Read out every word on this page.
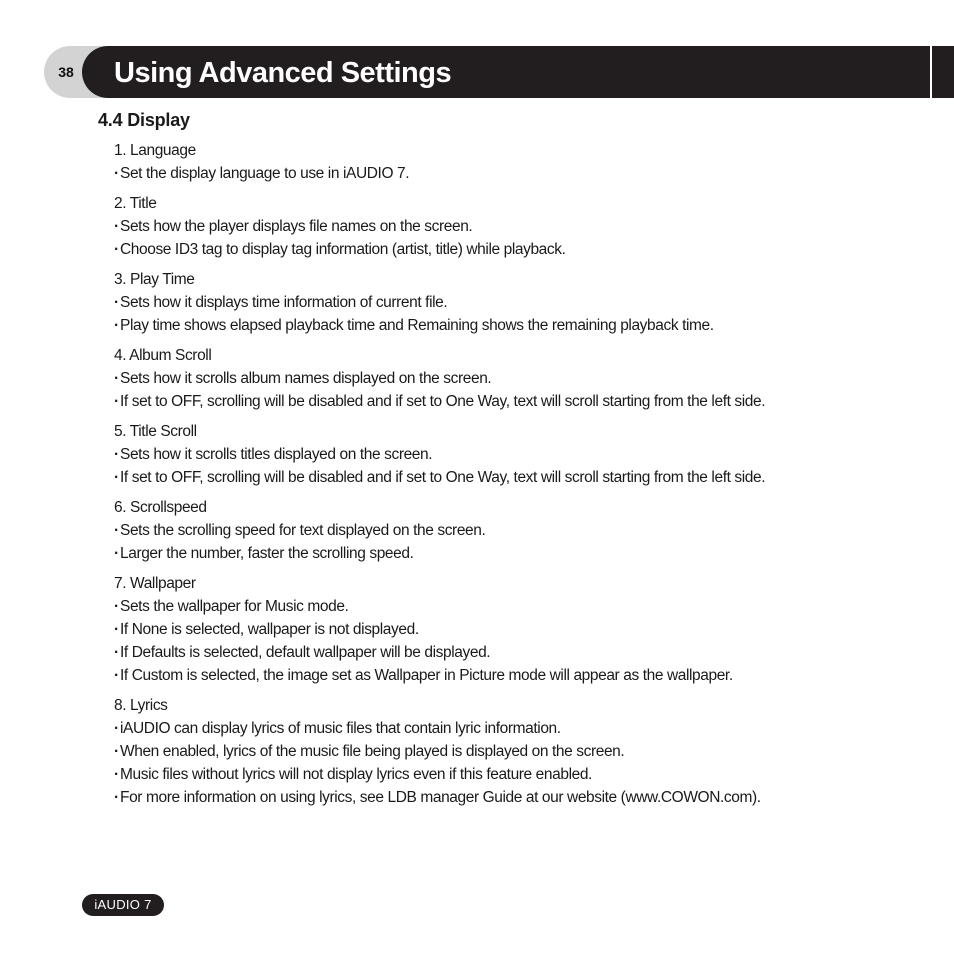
38	Using Advanced Settings
4.4 Display
1. Language
·Set the display language to use in iAUDIO 7.
2. Title
·Sets how the player displays file names on the screen.
·Choose ID3 tag to display tag information (artist, title) while playback.
3. Play Time
·Sets how it displays time information of current file.
·Play time shows elapsed playback time and Remaining shows the remaining playback time.
4. Album Scroll
·Sets how it scrolls album names displayed on the screen.
·If set to OFF, scrolling will be disabled and if set to One Way, text will scroll starting from the left side.
5. Title Scroll
·Sets how it scrolls titles displayed on the screen.
·If set to OFF, scrolling will be disabled and if set to One Way, text will scroll starting from the left side.
6. Scrollspeed
·Sets the scrolling speed for text displayed on the screen.
·Larger the number, faster the scrolling speed.
7. Wallpaper
·Sets the wallpaper for Music mode.
·If None is selected, wallpaper is not displayed.
·If Defaults is selected, default wallpaper will be displayed.
·If Custom is selected, the image set as Wallpaper in Picture mode will appear as the wallpaper.
8. Lyrics
·iAUDIO can display lyrics of music files that contain lyric information.
·When enabled, lyrics of the music file being played is displayed on the screen.
·Music files without lyrics will not display lyrics even if this feature enabled.
·For more information on using lyrics, see LDB manager Guide at our website (www.COWON.com).
iAUDIO 7
